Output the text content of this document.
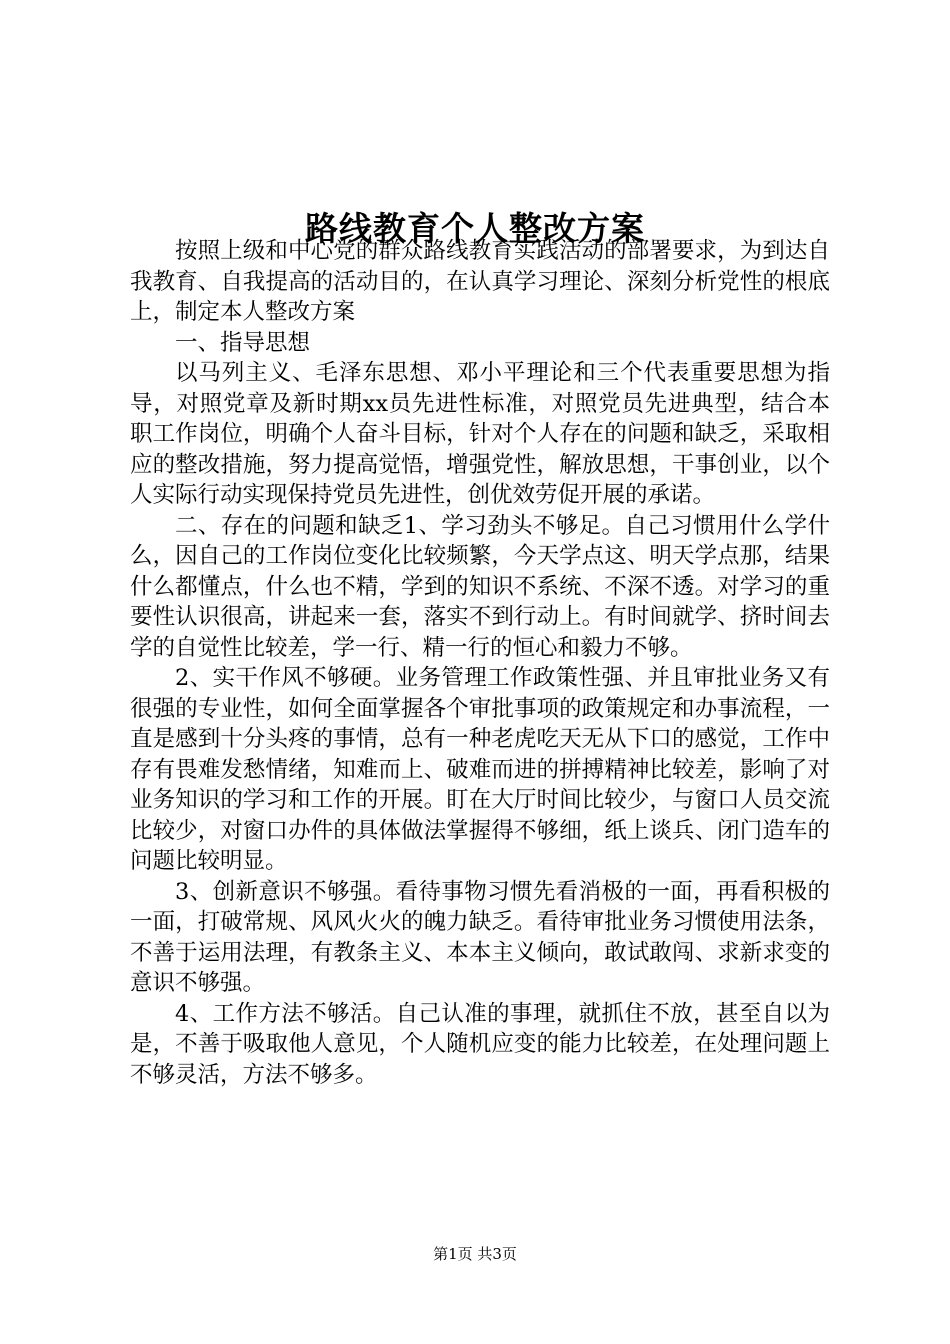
路线教育个人整改方案

按照上级和中心党的群众路线教育实践活动的部署要求，为到达自我教育、自我提高的活动目的，在认真学习理论、深刻分析党性的根底上，制定本人整改方案

一、指导思想

以马列主义、毛泽东思想、邓小平理论和三个代表重要思想为指导，对照党章及新时期xx员先进性标准，对照党员先进典型，结合本职工作岗位，明确个人奋斗目标，针对个人存在的问题和缺乏，采取相应的整改措施，努力提高觉悟，增强党性，解放思想，干事创业，以个人实际行动实现保持党员先进性，创优效劳促开展的承诺。

二、存在的问题和缺乏1、学习劲头不够足。自己习惯用什么学什么，因自己的工作岗位变化比较频繁，今天学点这、明天学点那，结果什么都懂点，什么也不精，学到的知识不系统、不深不透。对学习的重要性认识很高，讲起来一套，落实不到行动上。有时间就学、挤时间去学的自觉性比较差，学一行、精一行的恒心和毅力不够。

2、实干作风不够硬。业务管理工作政策性强、并且审批业务又有很强的专业性，如何全面掌握各个审批事项的政策规定和办事流程，一直是感到十分头疼的事情，总有一种老虎吃天无从下口的感觉，工作中存有畏难发愁情绪，知难而上、破难而进的拼搏精神比较差，影响了对业务知识的学习和工作的开展。盯在大厅时间比较少，与窗口人员交流比较少，对窗口办件的具体做法掌握得不够细，纸上谈兵、闭门造车的问题比较明显。

3、创新意识不够强。看待事物习惯先看消极的一面，再看积极的一面，打破常规、风风火火的魄力缺乏。看待审批业务习惯使用法条，不善于运用法理，有教条主义、本本主义倾向，敢试敢闯、求新求变的意识不够强。

4、工作方法不够活。自己认准的事理，就抓住不放，甚至自以为是，不善于吸取他人意见，个人随机应变的能力比较差，在处理问题上不够灵活，方法不够多。

第1页 共3页
